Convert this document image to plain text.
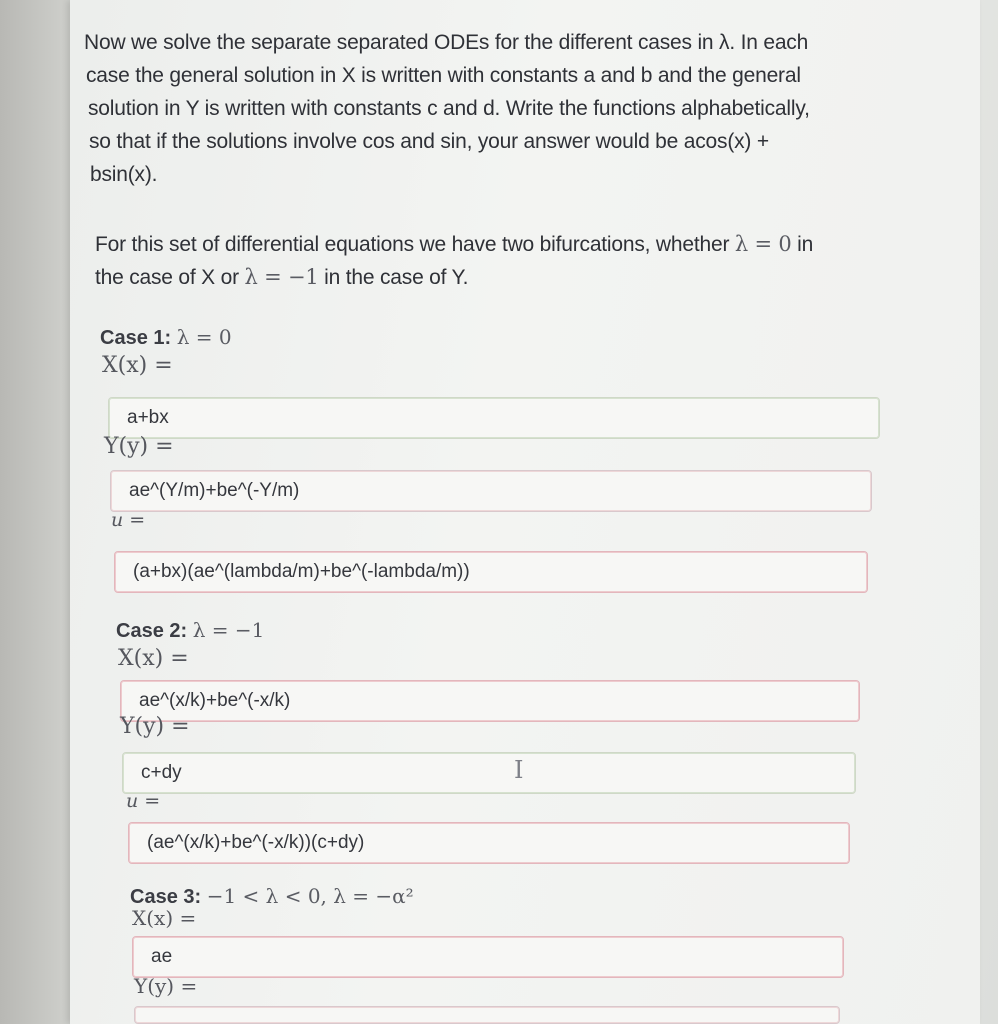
Now we solve the separate separated ODEs for the different cases in λ. In each
case the general solution in X is written with constants a and b and the general
solution in Y is written with constants c and d. Write the functions alphabetically,
so that if the solutions involve cos and sin, your answer would be acos(x) +
bsin(x).
For this set of differential equations we have two bifurcations, whether λ = 0 in
the case of X or λ = −1 in the case of Y.
Case 1: λ = 0
X(x) =
a+bx
Y(y) =
ae^(Y/m)+be^(-Y/m)
u =
(a+bx)(ae^(lambda/m)+be^(-lambda/m))
Case 2: λ = −1
X(x) =
ae^(x/k)+be^(-x/k)
Y(y) =
c+dy	I
u =
(ae^(x/k)+be^(-x/k))(c+dy)
Case 3: −1 < λ < 0, λ = −α²
X(x) =
ae
Y(y) =
